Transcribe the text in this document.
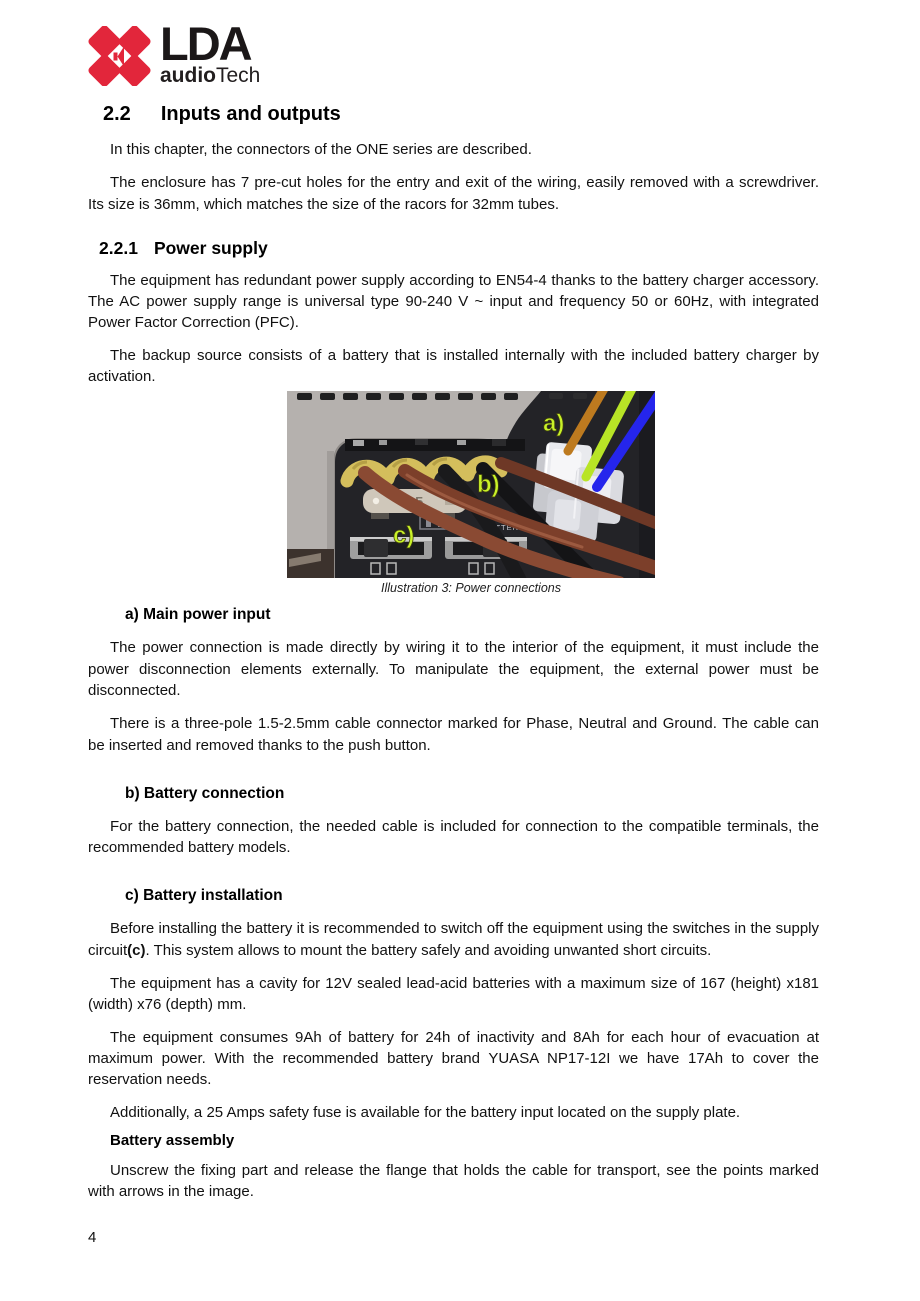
LDA
audioTech
2.2 Inputs and outputs

In this chapter, the connectors of the ONE series are described.

The enclosure has 7 pre-cut holes for the entry and exit of the wiring, easily removed with a screwdriver. Its size is 36mm, which matches the size of the racors for 32mm tubes.

2.2.1 Power supply

The equipment has redundant power supply according to EN54-4 thanks to the battery charger accessory. The AC power supply range is universal type 90-240 V ~ input and frequency 50 or 60Hz, with integrated Power Factor Correction (PFC).

The backup source consists of a battery that is installed internally with the included battery charger by activation.

25
BATTERY
a)
b)
c)
Illustration 3: Power connections
a) Main power input

The power connection is made directly by wiring it to the interior of the equipment, it must include the power disconnection elements externally. To manipulate the equipment, the external power must be disconnected.

There is a three-pole 1.5-2.5mm cable connector marked for Phase, Neutral and Ground. The cable can be inserted and removed thanks to the push button.

b) Battery connection

For the battery connection, the needed cable is included for connection to the compatible terminals, the recommended battery models.

c) Battery installation

Before installing the battery it is recommended to switch off the equipment using the switches in the supply circuit(c). This system allows to mount the battery safely and avoiding unwanted short circuits.

The equipment has a cavity for 12V sealed lead-acid batteries with a maximum size of 167 (height) x181 (width) x76 (depth) mm.

The equipment consumes 9Ah of battery for 24h of inactivity and 8Ah for each hour of evacuation at maximum power. With the recommended battery brand YUASA NP17-12I we have 17Ah to cover the reservation needs.

Additionally, a 25 Amps safety fuse is available for the battery input located on the supply plate.

Battery assembly

Unscrew the fixing part and release the flange that holds the cable for transport, see the points marked with arrows in the image.

4
